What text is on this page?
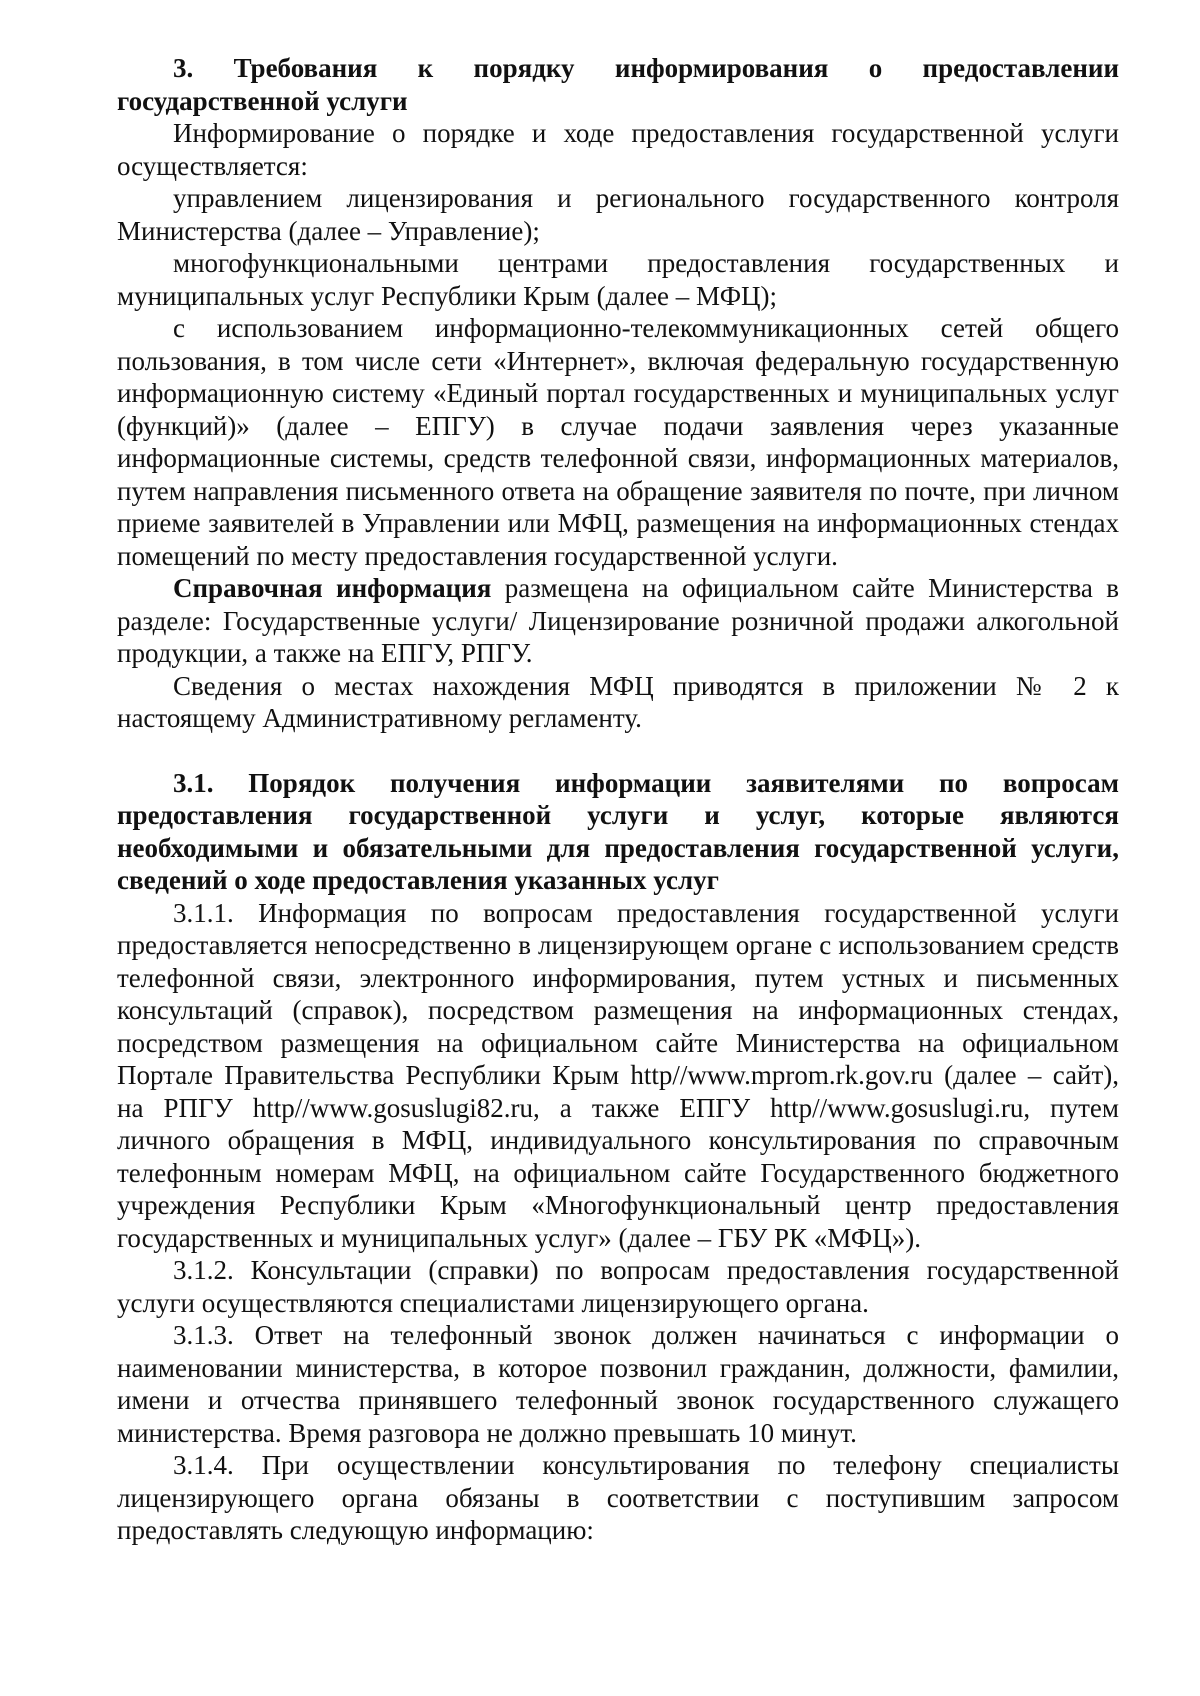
3. Требования к порядку информирования о предоставлении государственной услуги

Информирование о порядке и ходе предоставления государственной услуги осуществляется:

управлением лицензирования и регионального государственного контроля Министерства (далее – Управление);

многофункциональными центрами предоставления государственных и муниципальных услуг Республики Крым (далее – МФЦ);

с использованием информационно-телекоммуникационных сетей общего пользования, в том числе сети «Интернет», включая федеральную государственную информационную систему «Единый портал государственных и муниципальных услуг (функций)» (далее – ЕПГУ) в случае подачи заявления через указанные информационные системы, средств телефонной связи, информационных материалов, путем направления письменного ответа на обращение заявителя по почте, при личном приеме заявителей в Управлении или МФЦ, размещения на информационных стендах помещений по месту предоставления государственной услуги.

Справочная информация размещена на официальном сайте Министерства в разделе: Государственные услуги/ Лицензирование розничной продажи алкогольной продукции, а также на ЕПГУ, РПГУ.

Сведения о местах нахождения МФЦ приводятся в приложении № 2 к настоящему Административному регламенту.

3.1. Порядок получения информации заявителями по вопросам предоставления государственной услуги и услуг, которые являются необходимыми и обязательными для предоставления государственной услуги, сведений о ходе предоставления указанных услуг

3.1.1. Информация по вопросам предоставления государственной услуги предоставляется непосредственно в лицензирующем органе с использованием средств телефонной связи, электронного информирования, путем устных и письменных консультаций (справок), посредством размещения на информационных стендах, посредством размещения на официальном сайте Министерства на официальном Портале Правительства Республики Крым http//www.mprom.rk.gov.ru (далее – сайт), на РПГУ http//www.gosuslugi82.ru, а также ЕПГУ http//www.gosuslugi.ru, путем личного обращения в МФЦ, индивидуального консультирования по справочным телефонным номерам МФЦ, на официальном сайте Государственного бюджетного учреждения Республики Крым «Многофункциональный центр предоставления государственных и муниципальных услуг» (далее – ГБУ РК «МФЦ»).

3.1.2. Консультации (справки) по вопросам предоставления государственной услуги осуществляются специалистами лицензирующего органа.

3.1.3. Ответ на телефонный звонок должен начинаться с информации о наименовании министерства, в которое позвонил гражданин, должности, фамилии, имени и отчества принявшего телефонный звонок государственного служащего министерства. Время разговора не должно превышать 10 минут.

3.1.4. При осуществлении консультирования по телефону специалисты лицензирующего органа обязаны в соответствии с поступившим запросом предоставлять следующую информацию:
